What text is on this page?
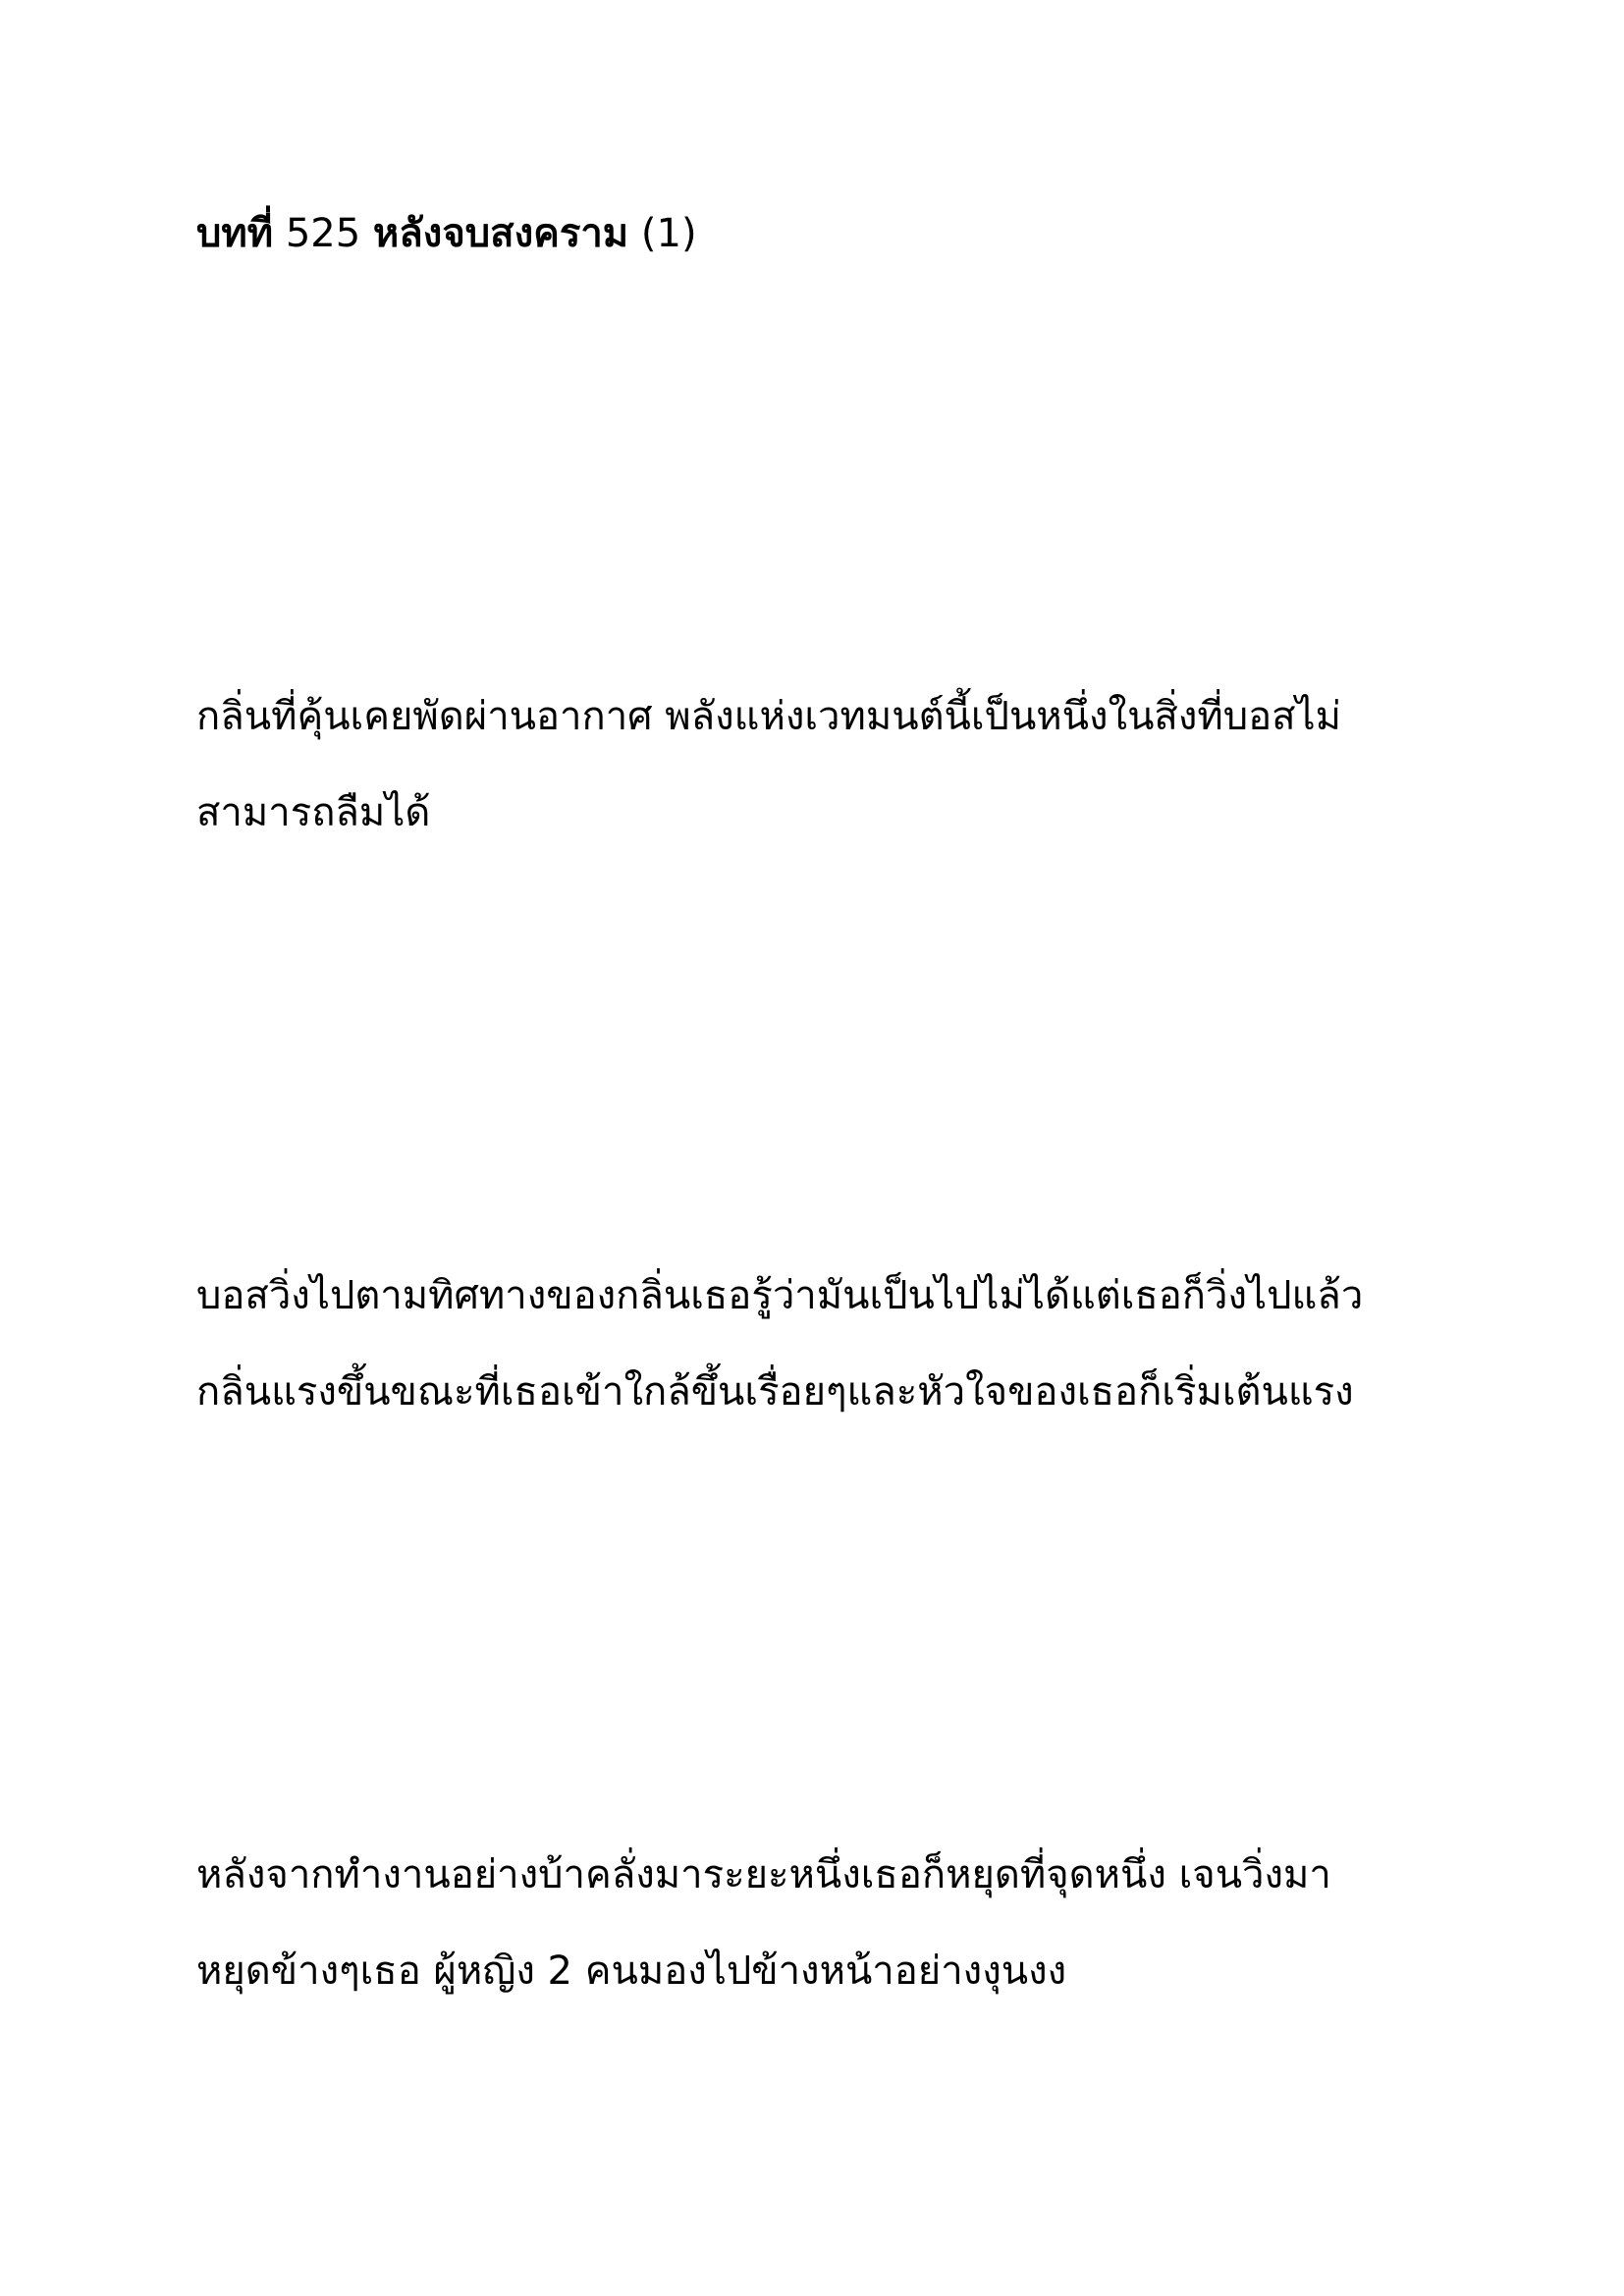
บทที่ 525 หลังจบสงคราม (1)

กลิ่นที่คุ้นเคยพัดผ่านอากาศ พลังแห่งเวทมนต์นี้เป็นหนึ่งในสิ่งที่บอสไม่

สามารถลืมได้

บอสวิ่งไปตามทิศทางของกลิ่นเธอรู้ว่ามันเป็นไปไม่ได้แต่เธอก็วิ่งไปแล้ว

กลิ่นแรงขึ้นขณะที่เธอเข้าใกล้ขึ้นเรื่อยๆและหัวใจของเธอก็เริ่มเต้นแรง

หลังจากทำงานอย่างบ้าคลั่งมาระยะหนึ่งเธอก็หยุดที่จุดหนึ่ง เจนวิ่งมา

หยุดข้างๆเธอ ผู้หญิง 2 คนมองไปข้างหน้าอย่างงุนงง
